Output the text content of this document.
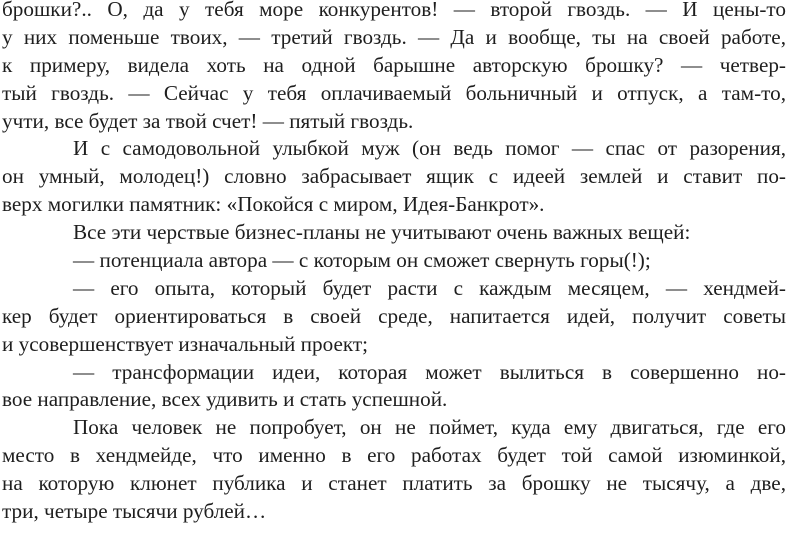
брошки?.. О, да у тебя море конкурентов! — второй гвоздь. — И цены-то
у них поменьше твоих, — третий гвоздь. — Да и вообще, ты на своей работе,
к примеру, видела хоть на одной барышне авторскую брошку? — четвер-
тый гвоздь. — Сейчас у тебя оплачиваемый больничный и отпуск, а там-то,
учти, все будет за твой счет! — пятый гвоздь.
И с самодовольной улыбкой муж (он ведь помог — спас от разорения,
он умный, молодец!) словно забрасывает ящик с идеей землей и ставит по-
верх могилки памятник: «Покойся с миром, Идея-Банкрот».
Все эти черствые бизнес-планы не учитывают очень важных вещей:
— потенциала автора — с которым он сможет свернуть горы(!);
— его опыта, который будет расти с каждым месяцем, — хендмей-
кер будет ориентироваться в своей среде, напитается идей, получит советы
и усовершенствует изначальный проект;
— трансформации идеи, которая может вылиться в совершенно но-
вое направление, всех удивить и стать успешной.
Пока человек не попробует, он не поймет, куда ему двигаться, где его
место в хендмейде, что именно в его работах будет той самой изюминкой,
на которую клюнет публика и станет платить за брошку не тысячу, а две,
три, четыре тысячи рублей…
